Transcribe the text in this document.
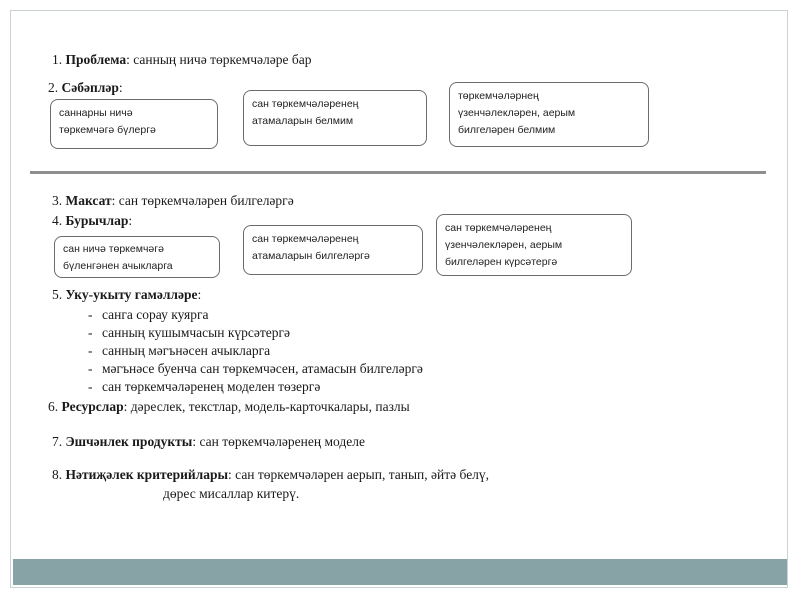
1. Проблема: санның ничә төркемчәләре бар
2. Сәбәпләр:
саннарны ничә
төркемчәгә бүлергә
сан төркемчәләренең
атамаларын белмим
төркемчәләрнең
үзенчәлекләрен, аерым
билгеләрен белмим
3. Максат: сан төркемчәләрен билгеләргә
4. Бурычлар:
сан ничә төркемчәгә
бүленгәнен ачыкларга
сан төркемчәләренең
атамаларын билгеләргә
сан төркемчәләренең
үзенчәлекләрен, аерым
билгеләрен күрсәтергә
5. Уку-укыту гамәлләре:
- санга сорау куярга
- санның кушымчасын күрсәтергә
- санның мәгънәсен ачыкларга
- мәгънәсе буенча сан төркемчәсен, атамасын билгеләргә
- сан төркемчәләренең моделен төзергә
6. Ресурслар: дәреслек, текстлар, модель-карточкалары, пазлы
7. Эшчәнлек продукты: сан төркемчәләренең моделе
8. Нәтиҗәлек критерийлары: сан төркемчәләрен аерып, танып, әйтә белү,
дөрес мисаллар китерү.
